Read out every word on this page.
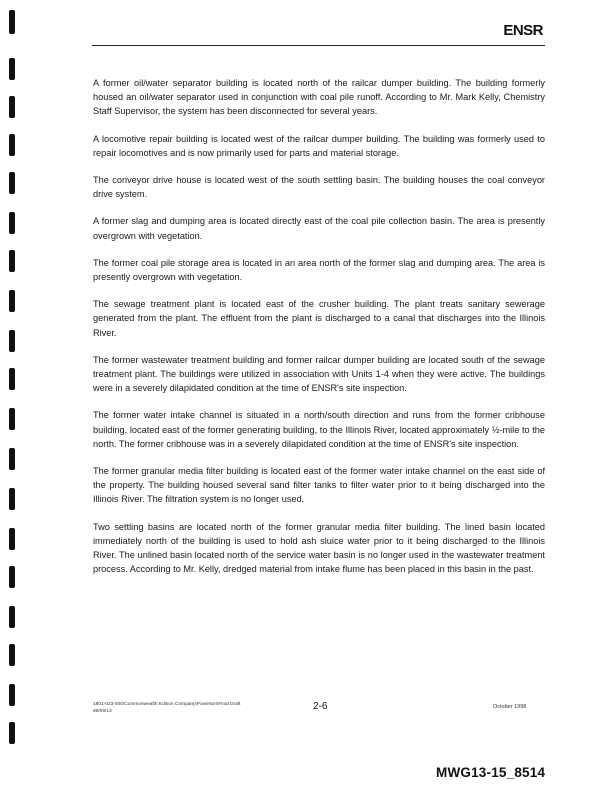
ENSR

A former oil/water separator building is located north of the railcar dumper building. The building formerly housed an oil/water separator used in conjunction with coal pile runoff. According to Mr. Mark Kelly, Chemistry Staff Supervisor, the system has been disconnected for several years.

A locomotive repair building is located west of the railcar dumper building. The building was formerly used to repair locomotives and is now primarily used for parts and material storage.

The conveyor drive house is located west of the south settling basin. The building houses the coal conveyor drive system.

A former slag and dumping area is located directly east of the coal pile collection basin. The area is presently overgrown with vegetation.

The former coal pile storage area is located in an area north of the former slag and dumping area. The area is presently overgrown with vegetation.

The sewage treatment plant is located east of the crusher building. The plant treats sanitary sewerage generated from the plant. The effluent from the plant is discharged to a canal that discharges into the Illinois River.

The former wastewater treatment building and former railcar dumper building are located south of the sewage treatment plant. The buildings were utilized in association with Units 1-4 when they were active. The buildings were in a severely dilapidated condition at the time of ENSR's site inspection.

The former water intake channel is situated in a north/south direction and runs from the former cribhouse building, located east of the former generating building, to the Illinois River, located approximately ½-mile to the north. The former cribhouse was in a severely dilapidated condition at the time of ENSR's site inspection.

The former granular media filter building is located east of the former water intake channel on the east side of the property. The building housed several sand filter tanks to filter water prior to it being discharged into the Illinois River. The filtration system is no longer used.

Two settling basins are located north of the former granular media filter building. The lined basin located immediately north of the building is used to hold ash sluice water prior to it being discharged to the Illinois River. The unlined basin located north of the service water basin is no longer used in the wastewater treatment process. According to Mr. Kelly, dredged material from intake flume has been placed in this basin in the past.

1801-023-000\Commonwealth Edison Company\Powerton\Final Draft
98/09/13	2-6	October 1998
MWG13-15_8514
